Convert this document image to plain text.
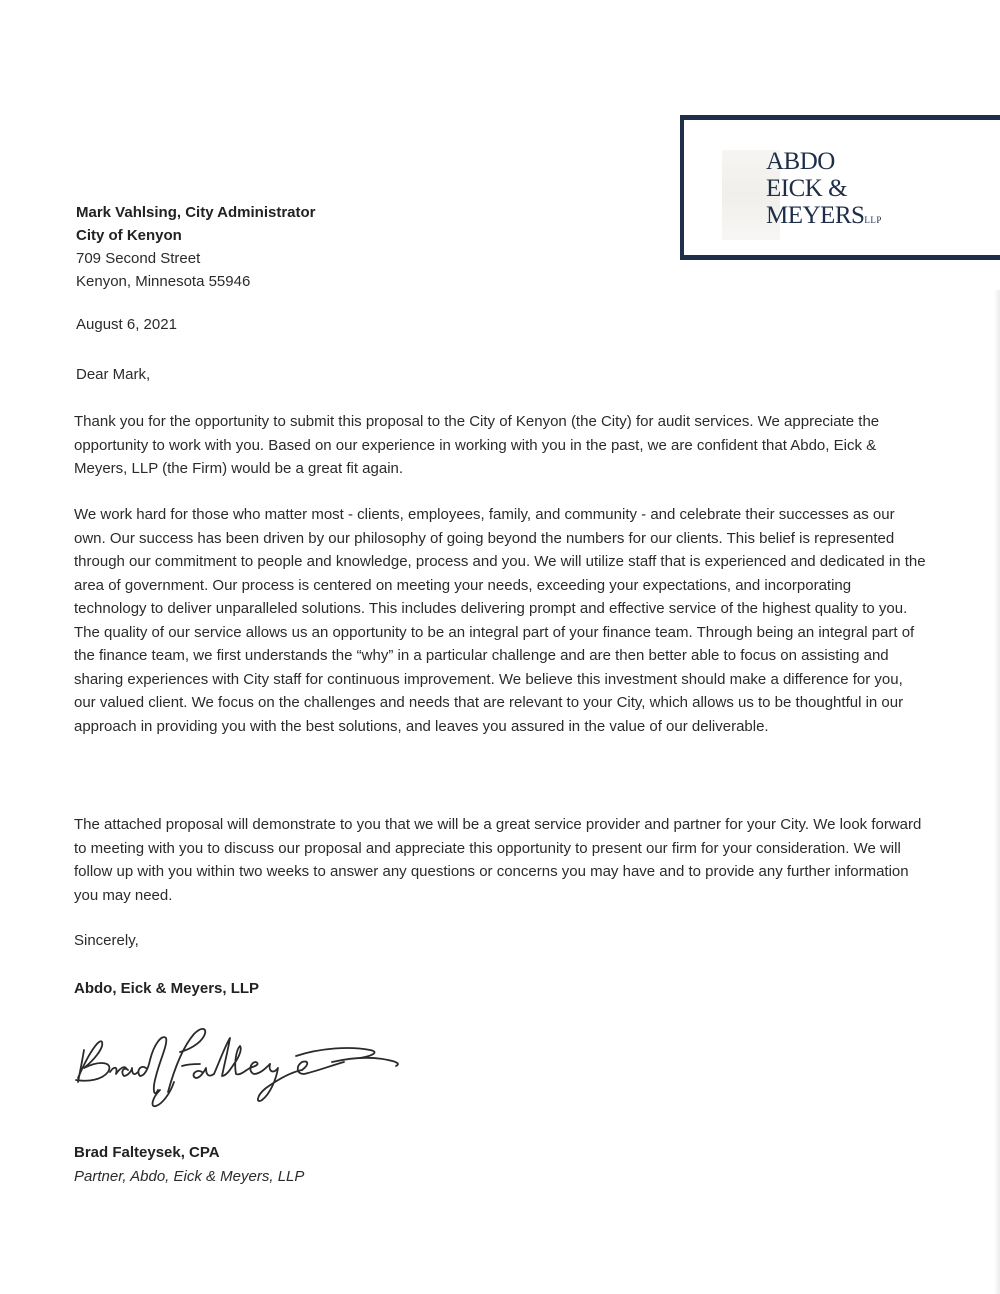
ABDO
EICK &
MEYERSLLP
Mark Vahlsing, City Administrator
City of Kenyon
709 Second Street
Kenyon, Minnesota 55946
August 6, 2021
Dear Mark,

Thank you for the opportunity to submit this proposal to the City of Kenyon (the City) for audit services. We appreciate the opportunity to work with you. Based on our experience in working with you in the past, we are confident that Abdo, Eick & Meyers, LLP (the Firm) would be a great fit again.

We work hard for those who matter most - clients, employees, family, and community - and celebrate their successes as our own. Our success has been driven by our philosophy of going beyond the numbers for our clients. This belief is represented through our commitment to people and knowledge, process and you. We will utilize staff that is experienced and dedicated in the area of government. Our process is centered on meeting your needs, exceeding your expectations, and incorporating technology to deliver unparalleled solutions. This includes delivering prompt and effective service of the highest quality to you. The quality of our service allows us an opportunity to be an integral part of your finance team. Through being an integral part of the finance team, we first understands the “why” in a particular challenge and are then better able to focus on assisting and sharing experiences with City staff for continuous improvement. We believe this investment should make a difference for you, our valued client. We focus on the challenges and needs that are relevant to your City, which allows us to be thoughtful in our approach in providing you with the best solutions, and leaves you assured in the value of our deliverable.

The attached proposal will demonstrate to you that we will be a great service provider and partner for your City. We look forward to meeting with you to discuss our proposal and appreciate this opportunity to present our firm for your consideration. We will follow up with you within two weeks to answer any questions or concerns you may have and to provide any further information you may need.

Sincerely,
Abdo, Eick & Meyers, LLP
Brad Falteysek, CPA
Partner, Abdo, Eick & Meyers, LLP
